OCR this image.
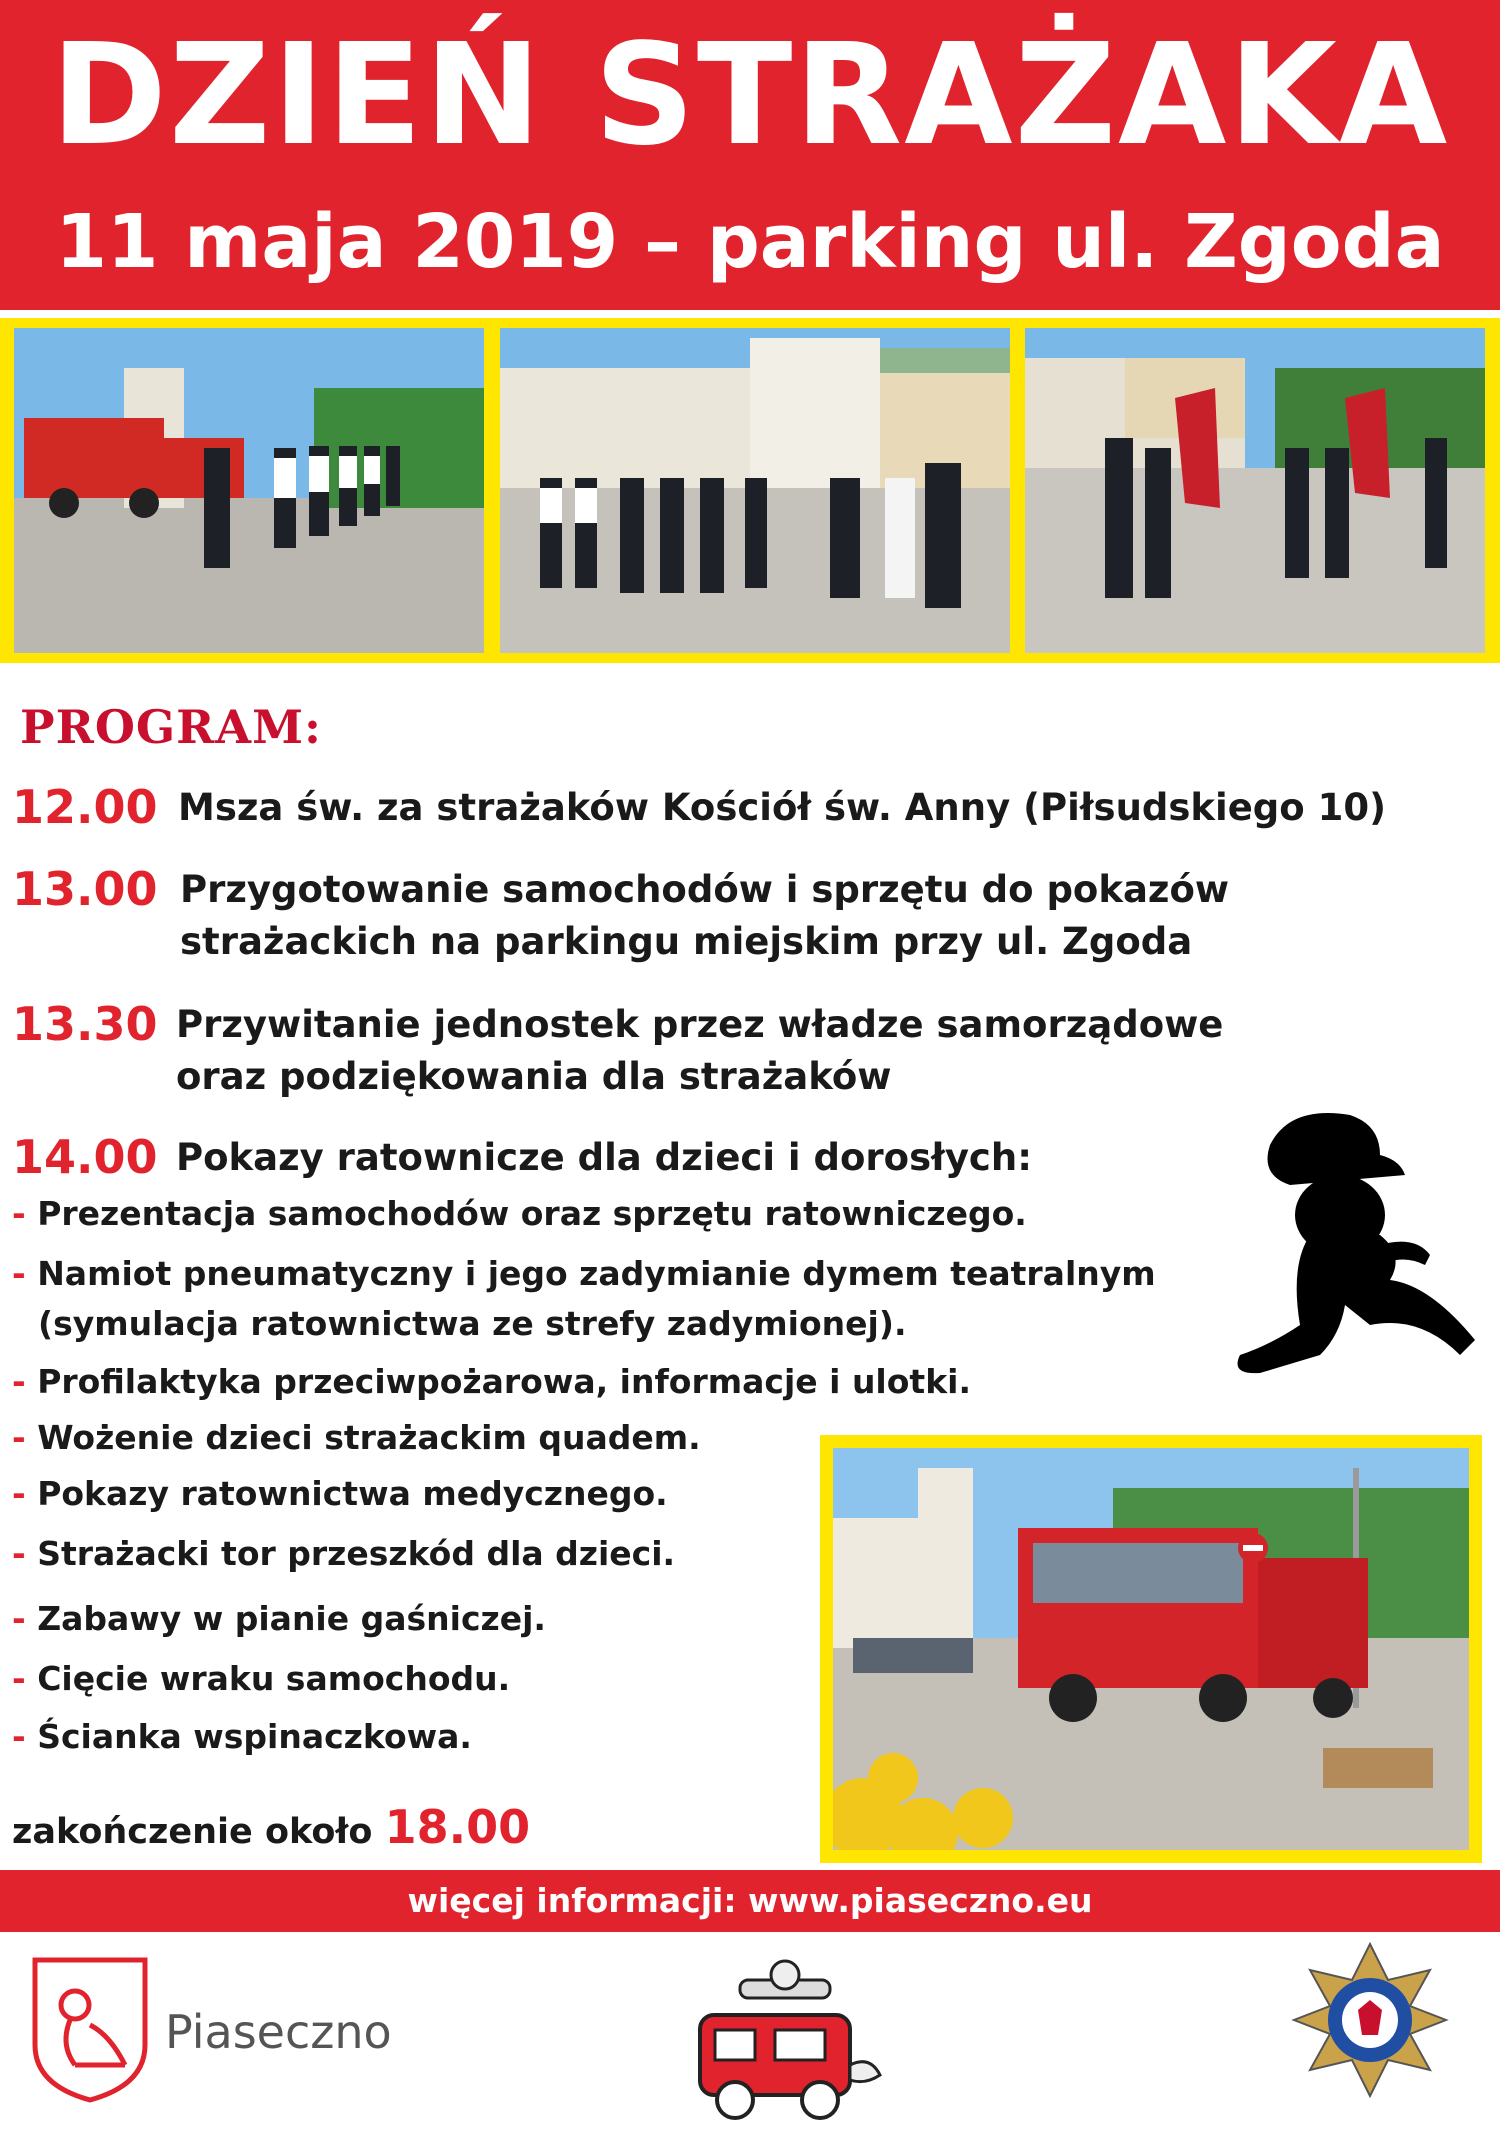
DZIEŃ STRAŻAKA
11 maja 2019 – parking ul. Zgoda
PROGRAM:
12.00 Msza św. za strażaków Kościół św. Anny (Piłsudskiego 10)
13.00 Przygotowanie samochodów i sprzętu do pokazów
strażackich na parkingu miejskim przy ul. Zgoda
13.30 Przywitanie jednostek przez władze samorządowe
oraz podziękowania dla strażaków
14.00 Pokazy ratownicze dla dzieci i dorosłych:
- Prezentacja samochodów oraz sprzętu ratowniczego.
- Namiot pneumatyczny i jego zadymianie dymem teatralnym
(symulacja ratownictwa ze strefy zadymionej).
- Profilaktyka przeciwpożarowa, informacje i ulotki.
- Wożenie dzieci strażackim quadem.
- Pokazy ratownictwa medycznego.
- Strażacki tor przeszkód dla dzieci.
- Zabawy w pianie gaśniczej.
- Cięcie wraku samochodu.
- Ścianka wspinaczkowa.
zakończenie około 18.00
więcej informacji: www.piaseczno.eu
Piaseczno
